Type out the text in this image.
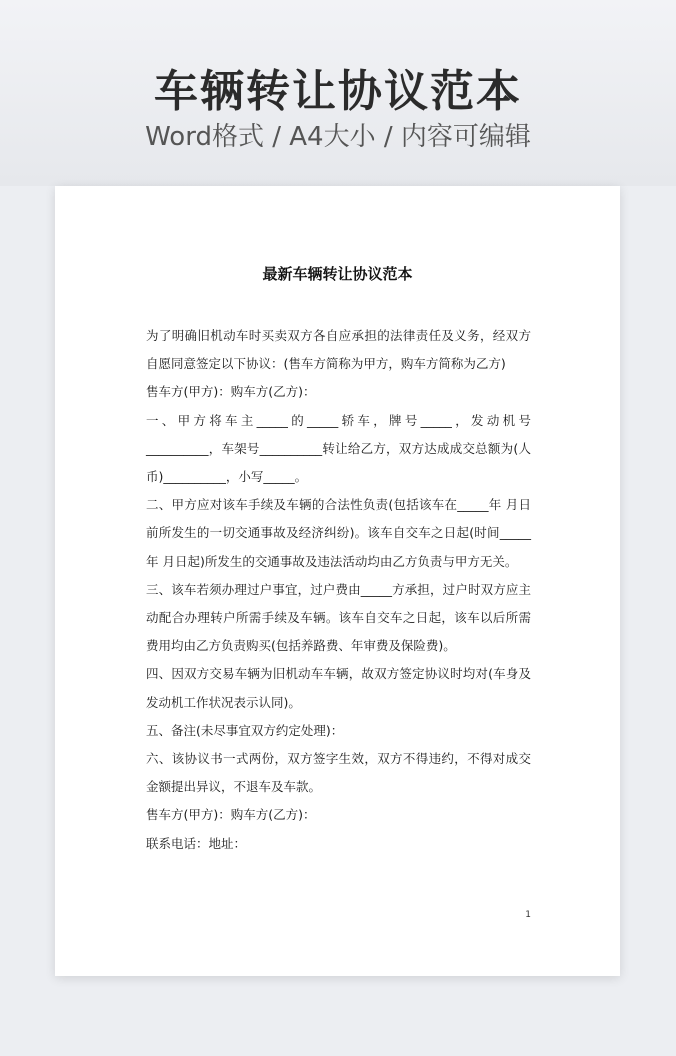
车辆转让协议范本
Word格式 / A4大小 / 内容可编辑
最新车辆转让协议范本

为了明确旧机动车时买卖双方各自应承担的法律责任及义务，经双方自愿同意签定以下协议：(售车方简称为甲方，购车方简称为乙方)

售车方(甲方)：购车方(乙方)：

一、甲方将车主_____的_____轿车，牌号_____，发动机号__________，车架号__________转让给乙方，双方达成成交总额为(人币)__________，小写_____。

二、甲方应对该车手续及车辆的合法性负责(包括该车在_____年 月日前所发生的一切交通事故及经济纠纷)。该车自交车之日起(时间_____年 月日起)所发生的交通事故及违法活动均由乙方负责与甲方无关。

三、该车若须办理过户事宜，过户费由_____方承担，过户时双方应主动配合办理转户所需手续及车辆。该车自交车之日起，该车以后所需费用均由乙方负责购买(包括养路费、年审费及保险费)。

四、因双方交易车辆为旧机动车车辆，故双方签定协议时均对(车身及发动机工作状况表示认同)。

五、备注(未尽事宜双方约定处理)：

六、该协议书一式两份，双方签字生效，双方不得违约，不得对成交金额提出异议，不退车及车款。

售车方(甲方)：购车方(乙方)：

联系电话：地址：

1
